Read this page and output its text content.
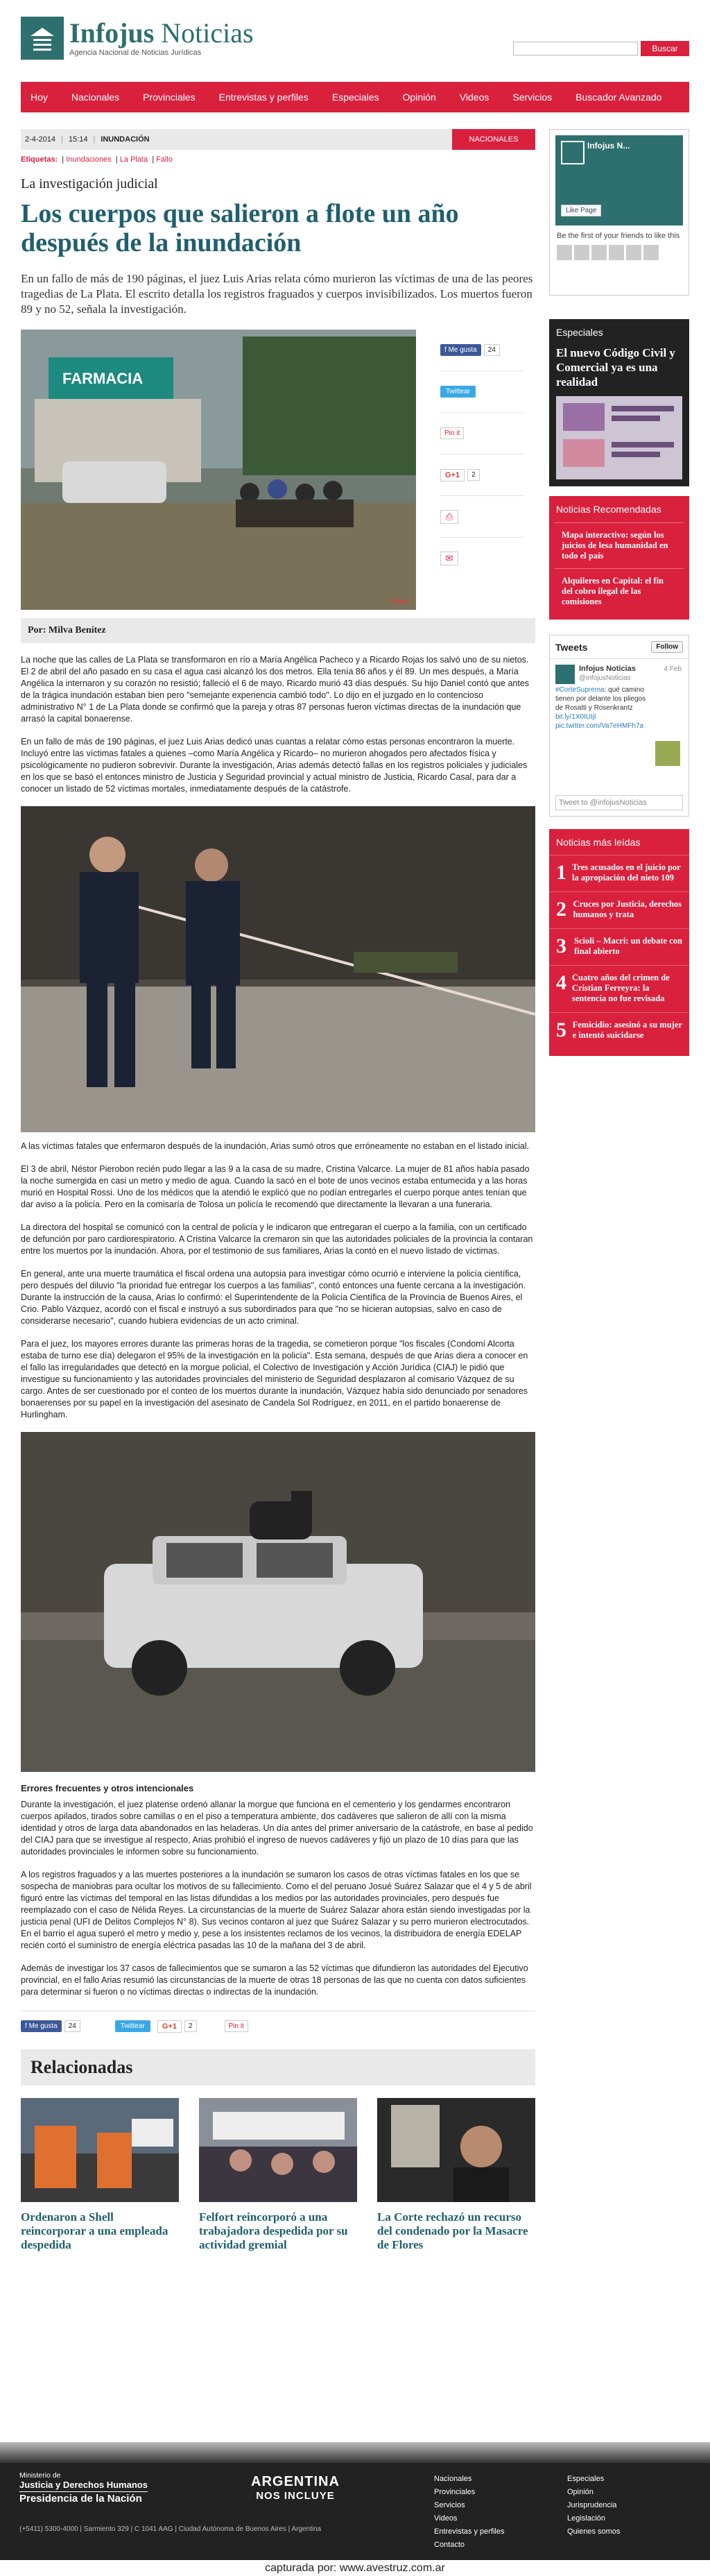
Infojus Noticias
Agencia Nacional de Noticias Jurídicas	Buscar
Hoy Nacionales Provinciales Entrevistas y perfiles Especiales Opinión Videos Servicios Buscador Avanzado
2-4-2014 | 15:14 | INUNDACIÓN	NACIONALES
Etiquetas:  | Inundaciones  | La Plata  | Fallo
La investigación judicial
Los cuerpos que salieron a flote un año después de la inundación
En un fallo de más de 190 páginas, el juez Luis Arias relata cómo murieron las víctimas de una de las peores tragedias de La Plata. El escrito detalla los registros fraguados y cuerpos invisibilizados. Los muertos fueron 89 y no 52, señala la investigación.
FARMACIA
Télam
f Me gusta	24
Twittear
Pin it
G+1	2
⎙
✉
Por: Milva Benítez

La noche que las calles de La Plata se transformaron en río a María Angélica Pacheco y a Ricardo Rojas los salvó uno de su nietos. El 2 de abril del año pasado en su casa el agua casi alcanzó los dos metros. Ella tenía 86 años y él 89. Un mes después, a María Angélica la internaron y su corazón no resistió; falleció el 6 de mayo. Ricardo murió 43 días después. Su hijo Daniel contó que antes de la trágica inundación estaban bien pero "semejante experiencia cambió todo". Lo dijo en el juzgado en lo contencioso administrativo N° 1 de La Plata donde se confirmó que la pareja y otras 87 personas fueron víctimas directas de la inundación que arrasó la capital bonaerense.

En un fallo de más de 190 páginas, el juez Luis Arias dedicó unas cuantas a relatar cómo estas personas encontraron la muerte. Incluyó entre las víctimas fatales a quienes –como María Angélica y Ricardo– no murieron ahogados pero afectados física y psicológicamente no pudieron sobrevivir. Durante la investigación, Arias además detectó fallas en los registros policiales y judiciales en los que se basó el entonces ministro de Justicia y Seguridad provincial y actual ministro de Justicia, Ricardo Casal, para dar a conocer un listado de 52 víctimas mortales, inmediatamente después de la catástrofe.

A las víctimas fatales que enfermaron después de la inundación, Arias sumó otros que erróneamente no estaban en el listado inicial.

El 3 de abril, Néstor Pierobon recién pudo llegar a las 9 a la casa de su madre, Cristina Valcarce. La mujer de 81 años había pasado la noche sumergida en casi un metro y medio de agua. Cuando la sacó en el bote de unos vecinos estaba entumecida y a las horas murió en Hospital Rossi. Uno de los médicos que la atendió le explicó que no podían entregarles el cuerpo porque antes tenían que dar aviso a la policía. Pero en la comisaría de Tolosa un policía le recomendó que directamente la llevaran a una funeraria.

La directora del hospital se comunicó con la central de policía y le indicaron que entregaran el cuerpo a la familia, con un certificado de defunción por paro cardiorespiratorio. A Cristina Valcarce la cremaron sin que las autoridades policiales de la provincia la contaran entre los muertos por la inundación. Ahora, por el testimonio de sus familiares, Arias la contó en el nuevo listado de víctimas.

En general, ante una muerte traumática el fiscal ordena una autopsia para investigar cómo ocurrió e interviene la policía científica, pero después del diluvio "la prioridad fue entregar los cuerpos a las familias", contó entonces una fuente cercana a la investigación. Durante la instrucción de la causa, Arias lo confirmó: el Superintendente de la Policía Científica de la Provincia de Buenos Aires, el Crio. Pablo Vázquez, acordó con el fiscal e instruyó a sus subordinados para que "no se hicieran autopsias, salvo en caso de considerarse necesario", cuando hubiera evidencias de un acto criminal.

Para el juez, los mayores errores durante las primeras horas de la tragedia, se cometieron porque "los fiscales (Condomí Alcorta estaba de turno ese día) delegaron el 95% de la investigación en la policía". Esta semana, después de que Arias diera a conocer en el fallo las irregularidades que detectó en la morgue policial, el Colectivo de Investigación y Acción Jurídica (CIAJ) le pidió que investigue su funcionamiento y las autoridades provinciales del ministerio de Seguridad desplazaron al comisario Vázquez de su cargo. Antes de ser cuestionado por el conteo de los muertos durante la inundación, Vázquez había sido denunciado por senadores bonaerenses por su papel en la investigación del asesinato de Candela Sol Rodríguez, en 2011, en el partido bonaerense de Hurlingham.

Errores frecuentes y otros intencionales

Durante la investigación, el juez platense ordenó allanar la morgue que funciona en el cementerio y los gendarmes encontraron cuerpos apilados, tirados sobre camillas o en el piso a temperatura ambiente, dos cadáveres que salieron de allí con la misma identidad y otros de larga data abandonados en las heladeras. Un día antes del primer aniversario de la catástrofe, en base al pedido del CIAJ para que se investigue al respecto, Arias prohibió el ingreso de nuevos cadáveres y fijó un plazo de 10 días para que las autoridades provinciales le informen sobre su funcionamiento.

A los registros fraguados y a las muertes posteriores a la inundación se sumaron los casos de otras víctimas fatales en los que se sospecha de maniobras para ocultar los motivos de su fallecimiento. Como el del peruano Josué Suárez Salazar que el 4 y 5 de abril figuró entre las víctimas del temporal en las listas difundidas a los medios por las autoridades provinciales, pero después fue reemplazado con el caso de Nélida Reyes. La circunstancias de la muerte de Suárez Salazar ahora están siendo investigadas por la justicia penal (UFI de Delitos Complejos N° 8). Sus vecinos contaron al juez que Suárez Salazar y su perro murieron electrocutados. En el barrio el agua superó el metro y medio y, pese a los insistentes reclamos de los vecinos, la distribuidora de energía EDELAP recién cortó el suministro de energía eléctrica pasadas las 10 de la mañana del 3 de abril.

Además de investigar los 37 casos de fallecimientos que se sumaron a las 52 víctimas que difundieron las autoridades del Ejecutivo provincial, en el fallo Arias resumió las circunstancias de la muerte de otras 18 personas de las que no cuenta con datos suficientes para determinar si fueron o no víctimas directas o indirectas de la inundación.

f Me gusta	24	Twittear	G+1	2	Pin it
Relacionadas
Ordenaron a Shell reincorporar a una empleada despedida
Felfort reincorporó a una trabajadora despedida por su actividad gremial
La Corte rechazó un recurso del condenado por la Masacre de Flores
Infojus N...
Like Page
Be the first of your friends to like this
Especiales
El nuevo Código Civil y Comercial ya es una realidad
Noticias Recomendadas
Mapa interactivo: según los juicios de lesa humanidad en todo el país
Alquileres en Capital: el fin del cobro ilegal de las comisiones
Tweets	Follow
Infojus Noticias
@infojusNoticias
4 Feb
#CorteSuprema: qué camino tienen por delante los pliegos de Rosatti y Rosenkrantz bit.ly/1X0IUIjl pic.twitter.com/Va7eHMFh7a
Tweet to @infojusNoticias
Noticias más leídas
1 Tres acusados en el juicio por la apropiación del nieto 109
2 Cruces por Justicia, derechos humanos y trata
3 Scioli – Macri: un debate con final abierto
4 Cuatro años del crimen de Cristian Ferreyra: la sentencia no fue revisada
5 Femicidio: asesinó a su mujer e intentó suicidarse
Ministerio de
Justicia y Derechos Humanos
Presidencia de la Nación
ARGENTINA
NOS INCLUYE
Nacionales
Provinciales
Servicios
Videos
Entrevistas y perfiles
Contacto
Especiales
Opinión
Jurisprudencia
Legislación
Quienes somos
(+5411) 5300-4000 | Sarmiento 329 | C 1041 AAG | Ciudad Autónoma de Buenos Aires | Argentina
capturada por: www.avestruz.com.ar
